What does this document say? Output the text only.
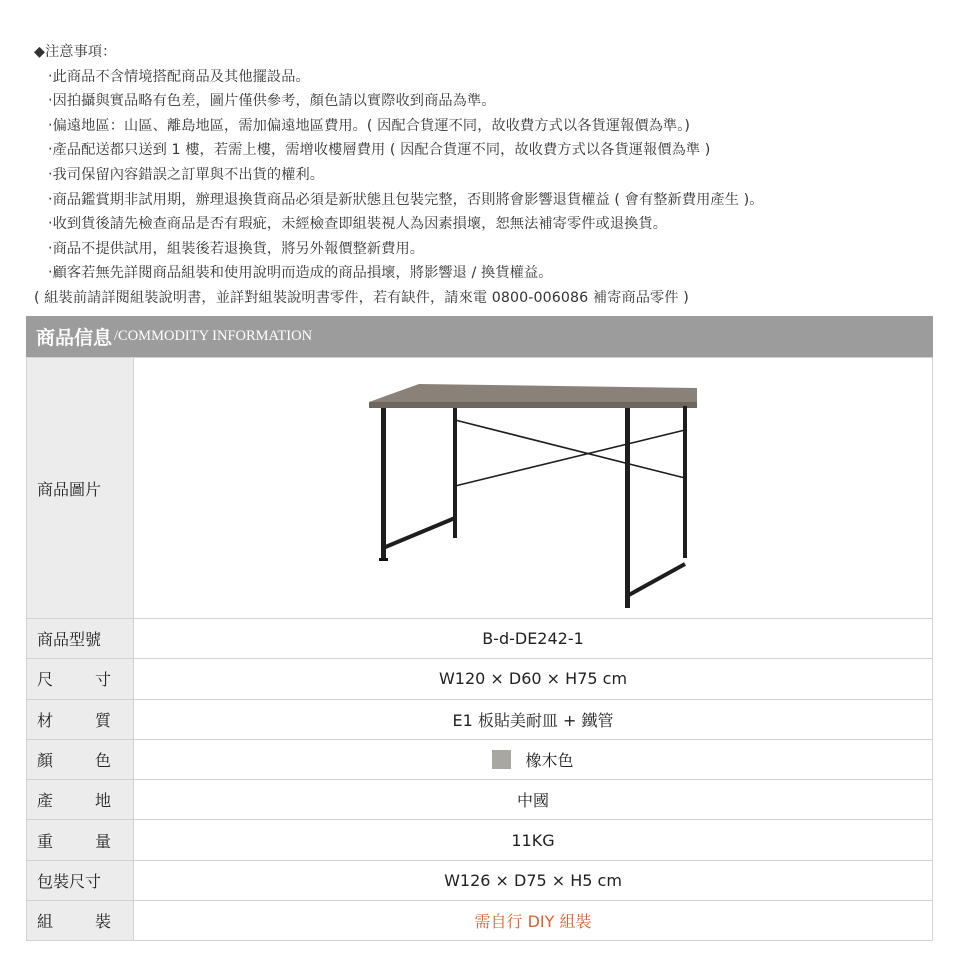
◆注意事項：
‧此商品不含情境搭配商品及其他擺設品。
‧因拍攝與實品略有色差，圖片僅供參考，顏色請以實際收到商品為準。
‧偏遠地區：山區、離島地區，需加偏遠地區費用。( 因配合貨運不同，故收費方式以各貨運報價為準。)
‧產品配送都只送到 1 樓，若需上樓，需增收樓層費用 ( 因配合貨運不同，故收費方式以各貨運報價為準 )
‧我司保留內容錯誤之訂單與不出貨的權利。
‧商品鑑賞期非試用期，辦理退換貨商品必須是新狀態且包裝完整，否則將會影響退貨權益 ( 會有整新費用產生 )。
‧收到貨後請先檢查商品是否有瑕疵，未經檢查即組裝視人為因素損壞，恕無法補寄零件或退換貨。
‧商品不提供試用，組裝後若退換貨，將另外報價整新費用。
‧顧客若無先詳閱商品組裝和使用說明而造成的商品損壞，將影響退 / 換貨權益。
( 組裝前請詳閱組裝說明書，並詳對組裝說明書零件，若有缺件，請來電 0800-006086 補寄商品零件 )
商品信息 /COMMODITY INFORMATION
商品圖片	

商品型號	B-d-DE242-1

尺 寸	W120 × D60 × H75 cm

材 質	E1 板貼美耐皿 + 鐵管

顏 色	橡木色

產 地	中國

重 量	11KG
包裝尺寸	W126 × D75 × H5 cm

組 裝	需自行 DIY 組裝
